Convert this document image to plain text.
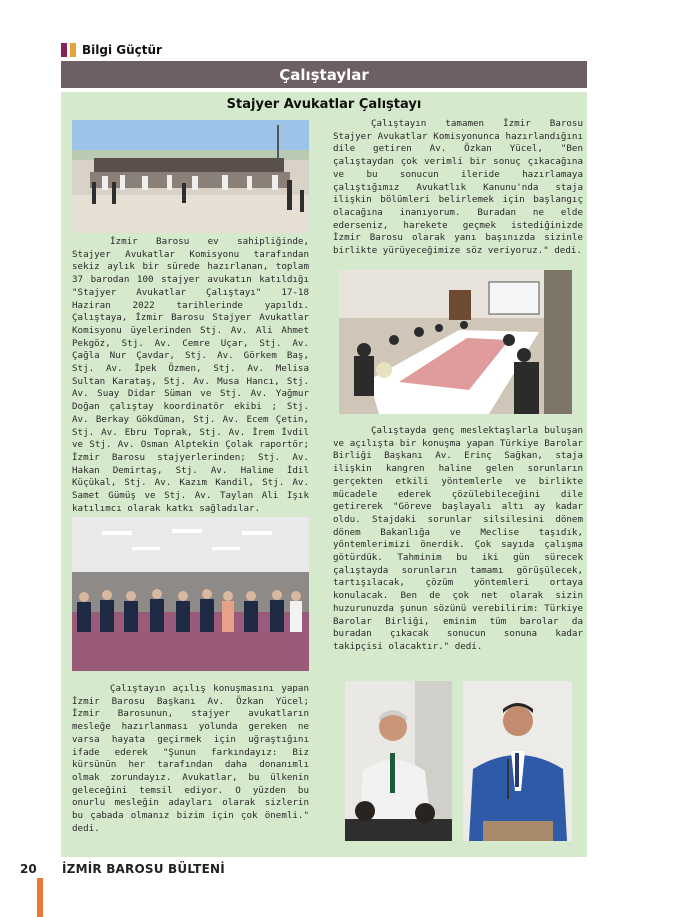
Bilgi Güçtür
Çalıştaylar
Stajyer Avukatlar Çalıştayı

İzmir Barosu ev sahipliğinde, Stajyer Avukatlar Komisyonu tarafından sekiz aylık bir sürede hazırlanan, toplam 37 barodan 100 stajyer avukatın katıldığı "Stajyer Avukatlar Çalıştayı" 17-18 Haziran 2022 tarihlerinde yapıldı. Çalıştaya, İzmir Barosu Stajyer Avukatlar Komisyonu üyelerinden Stj. Av. Ali Ahmet Pekgöz, Stj. Av. Cemre Uçar, Stj. Av. Çağla Nur Çavdar, Stj. Av. Görkem Baş, Stj. Av. İpek Özmen, Stj. Av. Melisa Sultan Karataş, Stj. Av. Musa Hancı, Stj. Av. Suay Didar Süman ve Stj. Av. Yağmur Doğan çalıştay koordinatör ekibi ; Stj. Av. Berkay Gökdüman, Stj. Av. Ecem Çetin, Stj. Av. Ebru Toprak, Stj. Av. İrem İvdil ve Stj. Av. Osman Alptekin Çolak raportör; İzmir Barosu stajyerlerinden; Stj. Av. Hakan Demirtaş, Stj. Av. Halime İdil Küçükal, Stj. Av. Kazım Kandil, Stj. Av. Samet Gümüş ve Stj. Av. Taylan Ali Işık katılımcı olarak katkı sağladılar.

Çalıştayın açılış konuşmasını yapan İzmir Barosu Başkanı Av. Özkan Yücel; İzmir Barosunun, stajyer avukatların mesleğe hazırlanması yolunda gereken ne varsa hayata geçirmek için uğraştığını ifade ederek "Şunun farkındayız: Biz kürsünün her tarafından daha donanımlı olmak zorundayız. Avukatlar, bu ülkenin geleceğini temsil ediyor. O yüzden bu onurlu mesleğin adayları olarak sizlerin bu çabada olmanız bizim için çok önemli." dedi.

Çalıştayın tamamen İzmir Barosu Stajyer Avukatlar Komisyonunca hazırlandığını dile getiren Av. Özkan Yücel, "Ben çalıştaydan çok verimli bir sonuç çıkacağına ve bu sonucun ileride hazırlamaya çalıştığımız Avukatlık Kanunu'nda staja ilişkin bölümleri belirlemek için başlangıç olacağına inanıyorum. Buradan ne elde ederseniz, harekete geçmek istediğinizde İzmir Barosu olarak yanı başınızda sizinle birlikte yürüyeceğimize söz veriyoruz." dedi.

Çalıştayda genç meslektaşlarla buluşan ve açılışta bir konuşma yapan Türkiye Barolar Birliği Başkanı Av. Erinç Sağkan, staja ilişkin kangren haline gelen sorunların gerçekten etkili yöntemlerle ve birlikte mücadele ederek çözülebileceğini dile getirerek "Göreve başlayalı altı ay kadar oldu. Stajdaki sorunlar silsilesini dönem dönem Bakanlığa ve Meclise taşıdık, yöntemlerimizi önerdik. Çok sayıda çalışma götürdük. Tahminim bu iki gün sürecek çalıştayda sorunların tamamı görüşülecek, tartışılacak, çözüm yöntemleri ortaya konulacak. Ben de çok net olarak sizin huzurunuzda şunun sözünü verebilirim: Türkiye Barolar Birliği, eminim tüm barolar da buradan çıkacak sonucun sonuna kadar takipçisi olacaktır." dedi.

20 İZMİR BAROSU BÜLTENİ
